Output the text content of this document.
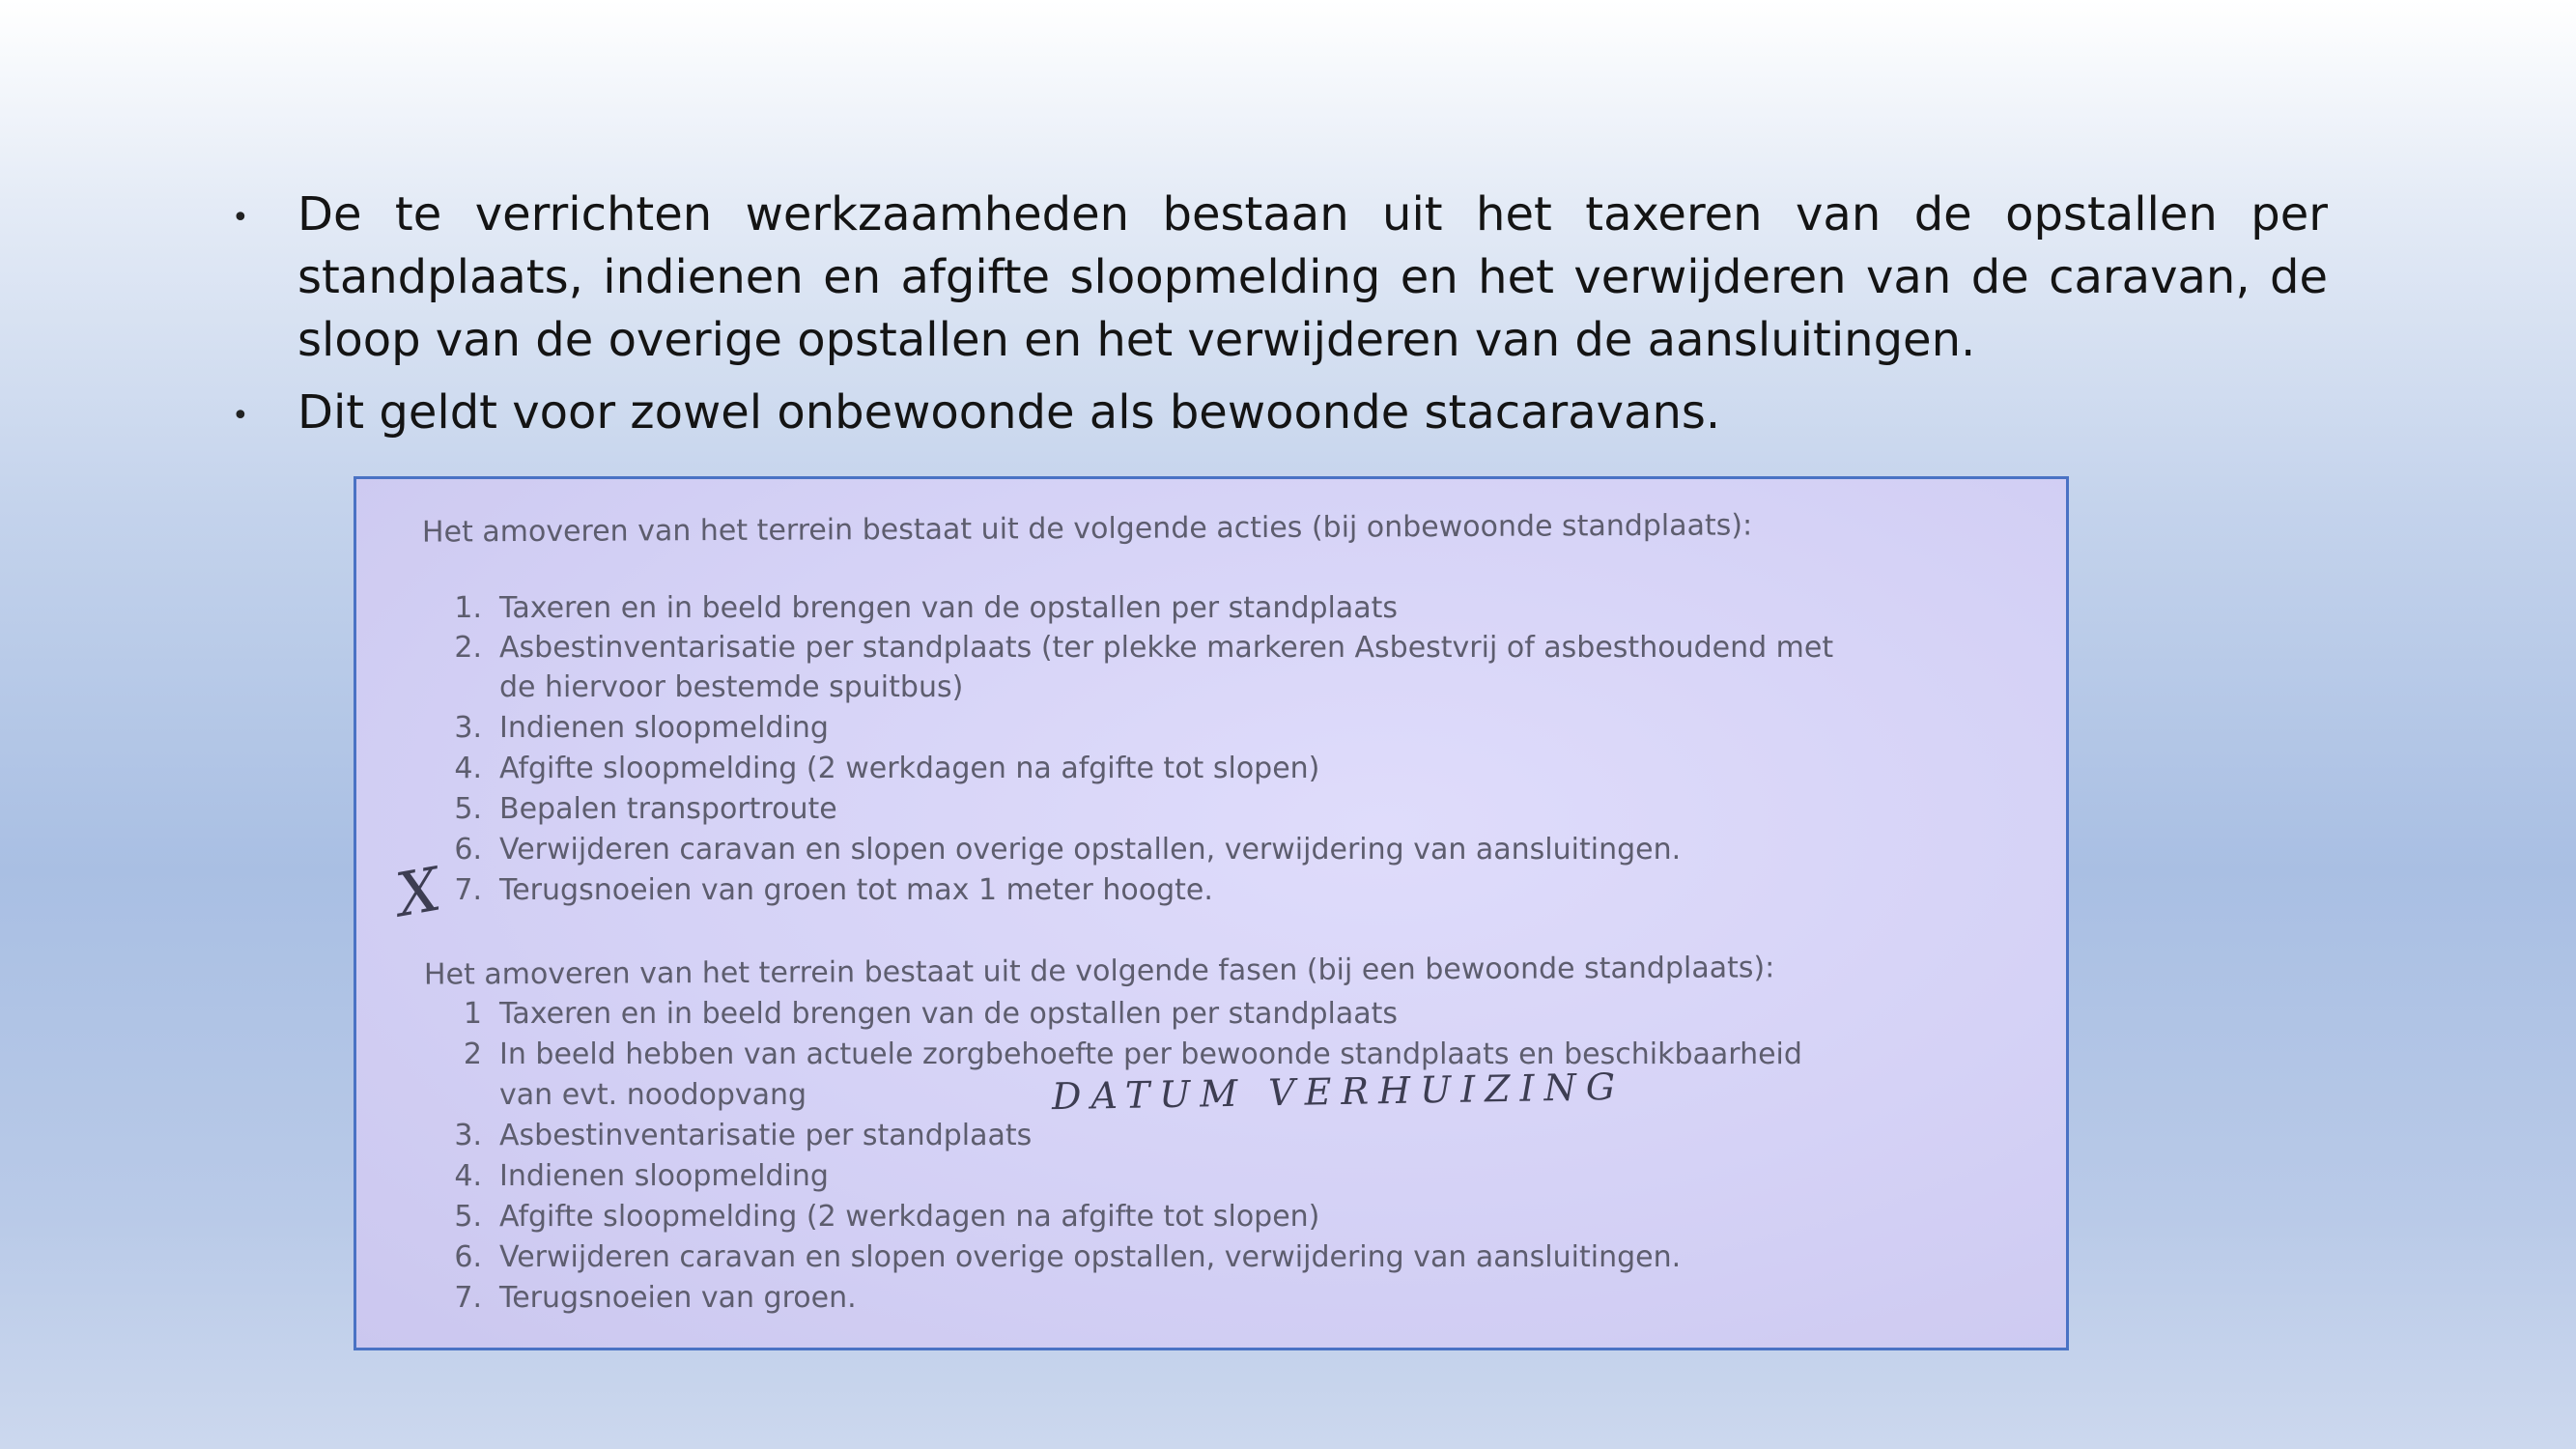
• De te verrichten werkzaamheden bestaan uit het taxeren van de opstallen per standplaats, indienen en afgifte sloopmelding en het verwijderen van de caravan, de sloop van de overige opstallen en het verwijderen van de aansluitingen.
• Dit geldt voor zowel onbewoonde als bewoonde stacaravans.
Het amoveren van het terrein bestaat uit de volgende acties (bij onbewoonde standplaats):
1. Taxeren en in beeld brengen van de opstallen per standplaats
2. Asbestinventarisatie per standplaats (ter plekke markeren Asbestvrij of asbesthoudend met
de hiervoor bestemde spuitbus)
3. Indienen sloopmelding
4. Afgifte sloopmelding (2 werkdagen na afgifte tot slopen)
5. Bepalen transportroute
6. Verwijderen caravan en slopen overige opstallen, verwijdering van aansluitingen.
7. Terugsnoeien van groen tot max 1 meter hoogte.
X
Het amoveren van het terrein bestaat uit de volgende fasen (bij een bewoonde standplaats):
1 Taxeren en in beeld brengen van de opstallen per standplaats
2 In beeld hebben van actuele zorgbehoefte per bewoonde standplaats en beschikbaarheid
van evt. noodopvang	DATUM VERHUIZING
3. Asbestinventarisatie per standplaats
4. Indienen sloopmelding
5. Afgifte sloopmelding (2 werkdagen na afgifte tot slopen)
6. Verwijderen caravan en slopen overige opstallen, verwijdering van aansluitingen.
7. Terugsnoeien van groen.
